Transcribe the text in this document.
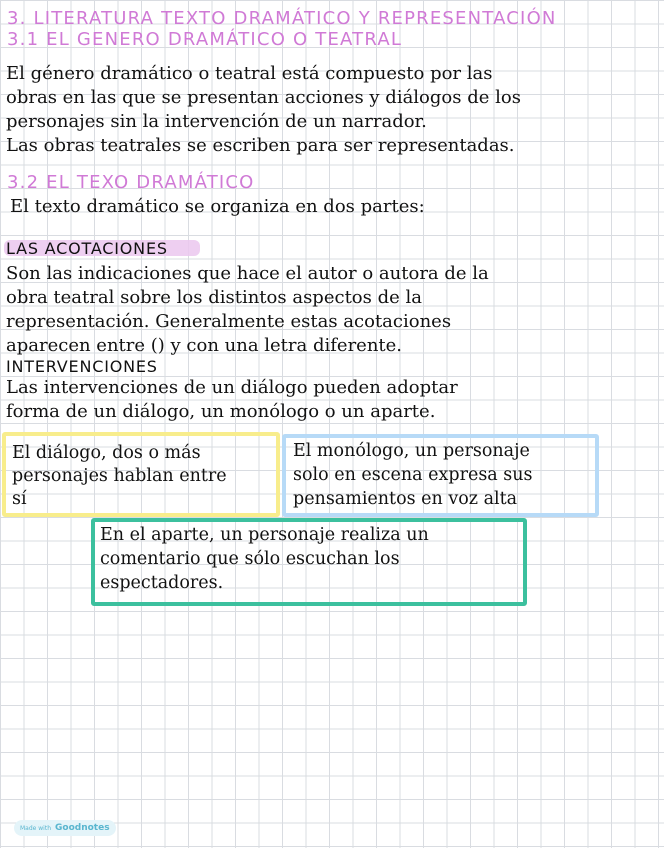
3. LITERATURA TEXTO DRAMÁTICO Y REPRESENTACIÓN
3.1 EL GENERO DRAMÁTICO O TEATRAL
El género dramático o teatral está compuesto por las
obras en las que se presentan acciones y diálogos de los
personajes sin la intervención de un narrador.
Las obras teatrales se escriben para ser representadas.
3.2 EL TEXO DRAMÁTICO
El texto dramático se organiza en dos partes:
LAS ACOTACIONES
Son las indicaciones que hace el autor o autora de la
obra teatral sobre los distintos aspectos de la
representación. Generalmente estas acotaciones
aparecen entre () y con una letra diferente.
INTERVENCIONES
Las intervenciones de un diálogo pueden adoptar
forma de un diálogo, un monólogo o un aparte.
El diálogo, dos o más
personajes hablan entre
sí
El monólogo, un personaje
solo en escena expresa sus
pensamientos en voz alta
En el aparte, un personaje realiza un
comentario que sólo escuchan los
espectadores.
Made with Goodnotes
